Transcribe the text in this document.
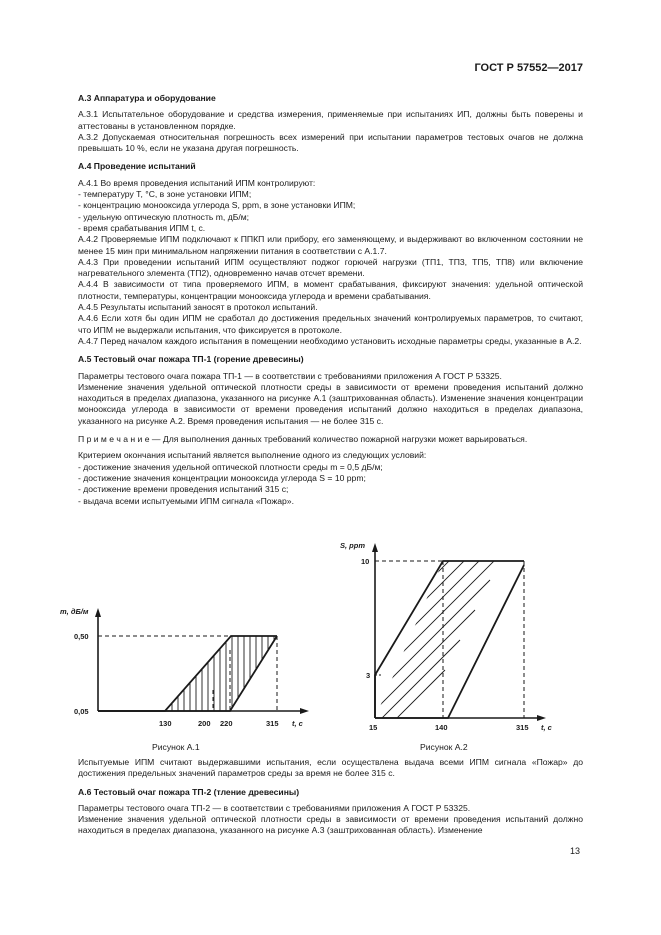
ГОСТ Р 57552—2017

А.3 Аппаратура и оборудование

А.3.1 Испытательное оборудование и средства измерения, применяемые при испытаниях ИП, должны быть поверены и аттестованы в установленном порядке.

А.3.2 Допускаемая относительная погрешность всех измерений при испытании параметров тестовых очагов не должна превышать 10 %, если не указана другая погрешность.

А.4 Проведение испытаний

А.4.1 Во время проведения испытаний ИПМ контролируют:

- температуру T, °С, в зоне установки ИПМ;

- концентрацию монооксида углерода S, ppm, в зоне установки ИПМ;

- удельную оптическую плотность m, дБ/м;

- время срабатывания ИПМ t, с.

А.4.2 Проверяемые ИПМ подключают к ППКП или прибору, его заменяющему, и выдерживают во включенном состоянии не менее 15 мин при минимальном напряжении питания в соответствии с А.1.7.

А.4.3 При проведении испытаний ИПМ осуществляют поджог горючей нагрузки (ТП1, ТП3, ТП5, ТП8) или включение нагревательного элемента (ТП2), одновременно начав отсчет времени.

А.4.4 В зависимости от типа проверяемого ИПМ, в момент срабатывания, фиксируют значения: удельной оптической плотности, температуры, концентрации монооксида углерода и времени срабатывания.

А.4.5 Результаты испытаний заносят в протокол испытаний.

А.4.6 Если хотя бы один ИПМ не сработал до достижения предельных значений контролируемых параметров, то считают, что ИПМ не выдержали испытания, что фиксируется в протоколе.

А.4.7 Перед началом каждого испытания в помещении необходимо установить исходные параметры среды, указанные в А.2.

А.5 Тестовый очаг пожара ТП-1 (горение древесины)

Параметры тестового очага пожара ТП-1 — в соответствии с требованиями приложения А ГОСТ Р 53325.

Изменение значения удельной оптической плотности среды в зависимости от времени проведения испытаний должно находиться в пределах диапазона, указанного на рисунке А.1 (заштрихованная область). Изменение значения концентрации монооксида углерода в зависимости от времени проведения испытаний должно находиться в пределах диапазона, указанного на рисунке А.2. Время проведения испытания — не более 315 с.

П р и м е ч а н и е — Для выполнения данных требований количество пожарной нагрузки может варьироваться.

Критерием окончания испытаний является выполнение одного из следующих условий:

- достижение значения удельной оптической плотности среды m = 0,5 дБ/м;

- достижение значения концентрации монооксида углерода S = 10 ppm;

- достижение времени проведения испытаний 315 с;

- выдача всеми испытуемыми ИПМ сигнала «Пожар».

m, дБ/м
0,50
0,05
130	200 220	315 t, c
S, ppm
10
3
15	140	315 t, c
Рисунок А.1	Рисунок А.2

Испытуемые ИПМ считают выдержавшими испытания, если осуществлена выдача всеми ИПМ сигнала «Пожар» до достижения предельных значений параметров среды за время не более 315 с.

А.6 Тестовый очаг пожара ТП-2 (тление древесины)

Параметры тестового очага ТП-2 — в соответствии с требованиями приложения А ГОСТ Р 53325.

Изменение значения удельной оптической плотности среды в зависимости от времени проведения испытаний должно находиться в пределах диапазона, указанного на рисунке А.3 (заштрихованная область). Изменение

13
